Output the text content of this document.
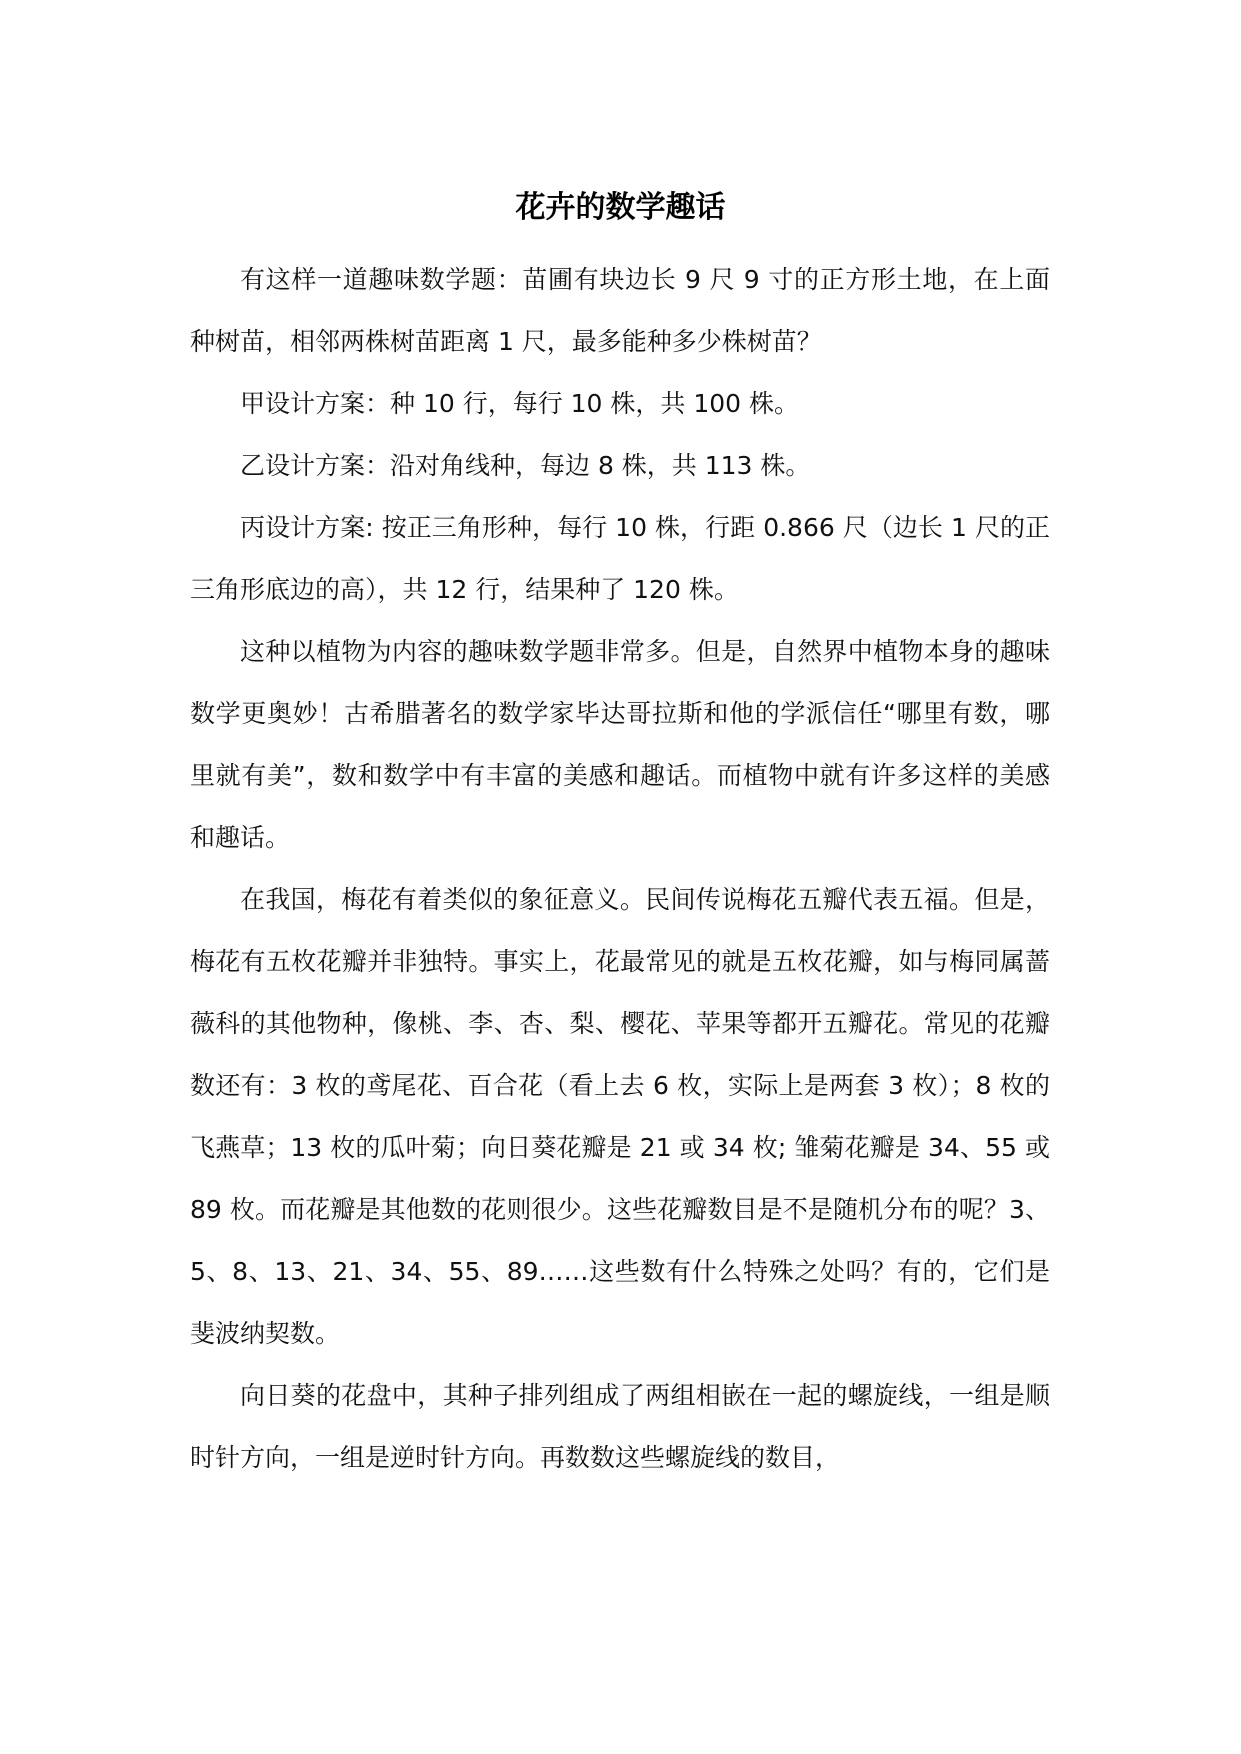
花卉的数学趣话

有这样一道趣味数学题：苗圃有块边长 9 尺 9 寸的正方形土地，在上面种树苗，相邻两株树苗距离 1 尺，最多能种多少株树苗？

甲设计方案：种 10 行，每行 10 株，共 100 株。

乙设计方案：沿对角线种，每边 8 株，共 113 株。

丙设计方案: 按正三角形种，每行 10 株，行距 0.866 尺（边长 1 尺的正三角形底边的高），共 12 行，结果种了 120 株。

这种以植物为内容的趣味数学题非常多。但是，自然界中植物本身的趣味数学更奥妙！古希腊著名的数学家毕达哥拉斯和他的学派信任“哪里有数，哪里就有美”，数和数学中有丰富的美感和趣话。而植物中就有许多这样的美感和趣话。

在我国，梅花有着类似的象征意义。民间传说梅花五瓣代表五福。但是，梅花有五枚花瓣并非独特。事实上，花最常见的就是五枚花瓣，如与梅同属蔷薇科的其他物种，像桃、李、杏、梨、樱花、苹果等都开五瓣花。常见的花瓣数还有：3 枚的鸢尾花、百合花（看上去 6 枚，实际上是两套 3 枚）；8 枚的飞燕草；13 枚的瓜叶菊；向日葵花瓣是 21 或 34 枚; 雏菊花瓣是 34、55 或 89 枚。而花瓣是其他数的花则很少。这些花瓣数目是不是随机分布的呢？3、5、8、13、21、34、55、89……这些数有什么特殊之处吗？有的，它们是斐波纳契数。

向日葵的花盘中，其种子排列组成了两组相嵌在一起的螺旋线，一组是顺时针方向，一组是逆时针方向。再数数这些螺旋线的数目，
